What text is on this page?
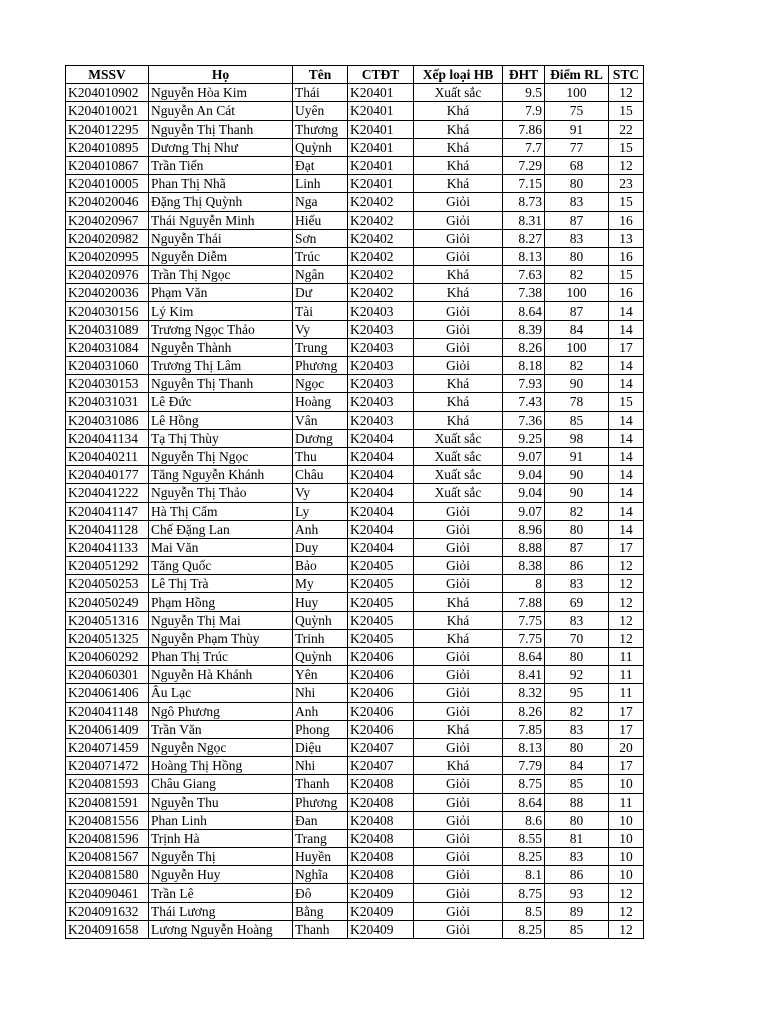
MSSV	Họ	Tên	CTĐT	Xếp loại HB	ĐHT	Điểm RL	STC
K204010902	Nguyễn Hòa Kim	Thái	K20401	Xuất sắc	9.5	100	12
K204010021	Nguyễn An Cát	Uyên	K20401	Khá	7.9	75	15
K204012295	Nguyễn Thị Thanh	Thương	K20401	Khá	7.86	91	22
K204010895	Dương Thị Như	Quỳnh	K20401	Khá	7.7	77	15
K204010867	Trần Tiến	Đạt	K20401	Khá	7.29	68	12
K204010005	Phan Thị Nhã	Linh	K20401	Khá	7.15	80	23
K204020046	Đặng Thị Quỳnh	Nga	K20402	Giỏi	8.73	83	15
K204020967	Thái Nguyễn Minh	Hiếu	K20402	Giỏi	8.31	87	16
K204020982	Nguyễn Thái	Sơn	K20402	Giỏi	8.27	83	13
K204020995	Nguyễn Diễm	Trúc	K20402	Giỏi	8.13	80	16
K204020976	Trần Thị Ngọc	Ngân	K20402	Khá	7.63	82	15
K204020036	Phạm Văn	Dư	K20402	Khá	7.38	100	16
K204030156	Lý Kim	Tài	K20403	Giỏi	8.64	87	14
K204031089	Trương Ngọc Thảo	Vy	K20403	Giỏi	8.39	84	14
K204031084	Nguyễn Thành	Trung	K20403	Giỏi	8.26	100	17
K204031060	Trương Thị Lâm	Phương	K20403	Giỏi	8.18	82	14
K204030153	Nguyễn Thị Thanh	Ngọc	K20403	Khá	7.93	90	14
K204031031	Lê Đức	Hoàng	K20403	Khá	7.43	78	15
K204031086	Lê Hồng	Vân	K20403	Khá	7.36	85	14
K204041134	Tạ Thị Thùy	Dương	K20404	Xuất sắc	9.25	98	14
K204040211	Nguyễn Thị Ngọc	Thu	K20404	Xuất sắc	9.07	91	14
K204040177	Tăng Nguyễn Khánh	Châu	K20404	Xuất sắc	9.04	90	14
K204041222	Nguyễn Thị Thảo	Vy	K20404	Xuất sắc	9.04	90	14
K204041147	Hà Thị Cẩm	Ly	K20404	Giỏi	9.07	82	14
K204041128	Chế Đặng Lan	Anh	K20404	Giỏi	8.96	80	14
K204041133	Mai Văn	Duy	K20404	Giỏi	8.88	87	17
K204051292	Tăng Quốc	Bảo	K20405	Giỏi	8.38	86	12
K204050253	Lê Thị Trà	My	K20405	Giỏi	8	83	12
K204050249	Phạm Hồng	Huy	K20405	Khá	7.88	69	12
K204051316	Nguyễn Thị Mai	Quỳnh	K20405	Khá	7.75	83	12
K204051325	Nguyễn Phạm Thùy	Trinh	K20405	Khá	7.75	70	12
K204060292	Phan Thị Trúc	Quỳnh	K20406	Giỏi	8.64	80	11
K204060301	Nguyễn Hà Khánh	Yên	K20406	Giỏi	8.41	92	11
K204061406	Âu Lạc	Nhi	K20406	Giỏi	8.32	95	11
K204041148	Ngô Phương	Anh	K20406	Giỏi	8.26	82	17
K204061409	Trần Văn	Phong	K20406	Khá	7.85	83	17
K204071459	Nguyễn Ngọc	Diệu	K20407	Giỏi	8.13	80	20
K204071472	Hoàng Thị Hồng	Nhi	K20407	Khá	7.79	84	17
K204081593	Châu Giang	Thanh	K20408	Giỏi	8.75	85	10
K204081591	Nguyễn Thu	Phương	K20408	Giỏi	8.64	88	11
K204081556	Phan Linh	Đan	K20408	Giỏi	8.6	80	10
K204081596	Trịnh Hà	Trang	K20408	Giỏi	8.55	81	10
K204081567	Nguyễn Thị	Huyền	K20408	Giỏi	8.25	83	10
K204081580	Nguyễn Huy	Nghĩa	K20408	Giỏi	8.1	86	10
K204090461	Trần Lê	Đô	K20409	Giỏi	8.75	93	12
K204091632	Thái Lương	Bằng	K20409	Giỏi	8.5	89	12
K204091658	Lương Nguyễn Hoàng	Thanh	K20409	Giỏi	8.25	85	12
